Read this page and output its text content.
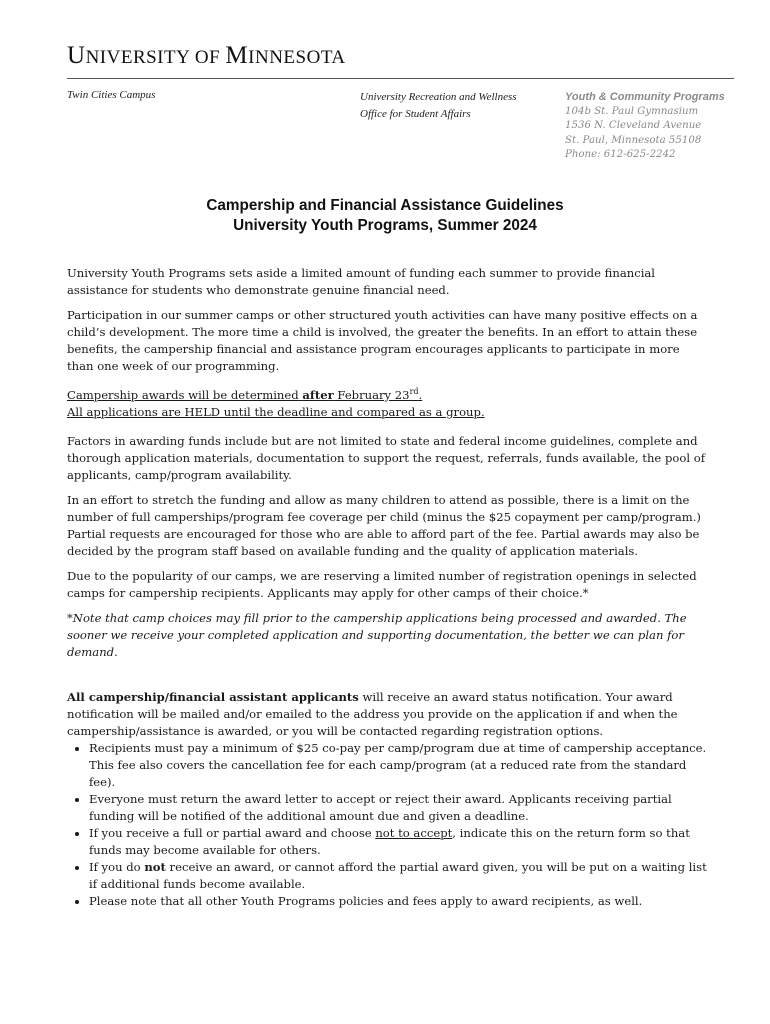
UNIVERSITY OF MINNESOTA
Twin Cities Campus	University Recreation and Wellness
Office for Student Affairs
Youth & Community Programs
104b St. Paul Gymnasium
1536 N. Cleveland Avenue
St. Paul, Minnesota 55108
Phone: 612-625-2242
Campership and Financial Assistance Guidelines
University Youth Programs, Summer 2024

University Youth Programs sets aside a limited amount of funding each summer to provide financial assistance for students who demonstrate genuine financial need.

Participation in our summer camps or other structured youth activities can have many positive effects on a child’s development. The more time a child is involved, the greater the benefits. In an effort to attain these benefits, the campership financial and assistance program encourages applicants to participate in more than one week of our programming.

Campership awards will be determined after February 23rd.
All applications are HELD until the deadline and compared as a group.

Factors in awarding funds include but are not limited to state and federal income guidelines, complete and thorough application materials, documentation to support the request, referrals, funds available, the pool of applicants, camp/program availability.

In an effort to stretch the funding and allow as many children to attend as possible, there is a limit on the number of full camperships/program fee coverage per child (minus the $25 copayment per camp/program.) Partial requests are encouraged for those who are able to afford part of the fee. Partial awards may also be decided by the program staff based on available funding and the quality of application materials.

Due to the popularity of our camps, we are reserving a limited number of registration openings in selected camps for campership recipients. Applicants may apply for other camps of their choice.*

*Note that camp choices may fill prior to the campership applications being processed and awarded. The sooner we receive your completed application and supporting documentation, the better we can plan for demand.

All campership/financial assistant applicants will receive an award status notification. Your award notification will be mailed and/or emailed to the address you provide on the application if and when the campership/assistance is awarded, or you will be contacted regarding registration options.

• Recipients must pay a minimum of $25 co-pay per camp/program due at time of campership acceptance. This fee also covers the cancellation fee for each camp/program (at a reduced rate from the standard fee).
• Everyone must return the award letter to accept or reject their award. Applicants receiving partial funding will be notified of the additional amount due and given a deadline.
• If you receive a full or partial award and choose not to accept, indicate this on the return form so that funds may become available for others.
• If you do not receive an award, or cannot afford the partial award given, you will be put on a waiting list if additional funds become available.
• Please note that all other Youth Programs policies and fees apply to award recipients, as well.
